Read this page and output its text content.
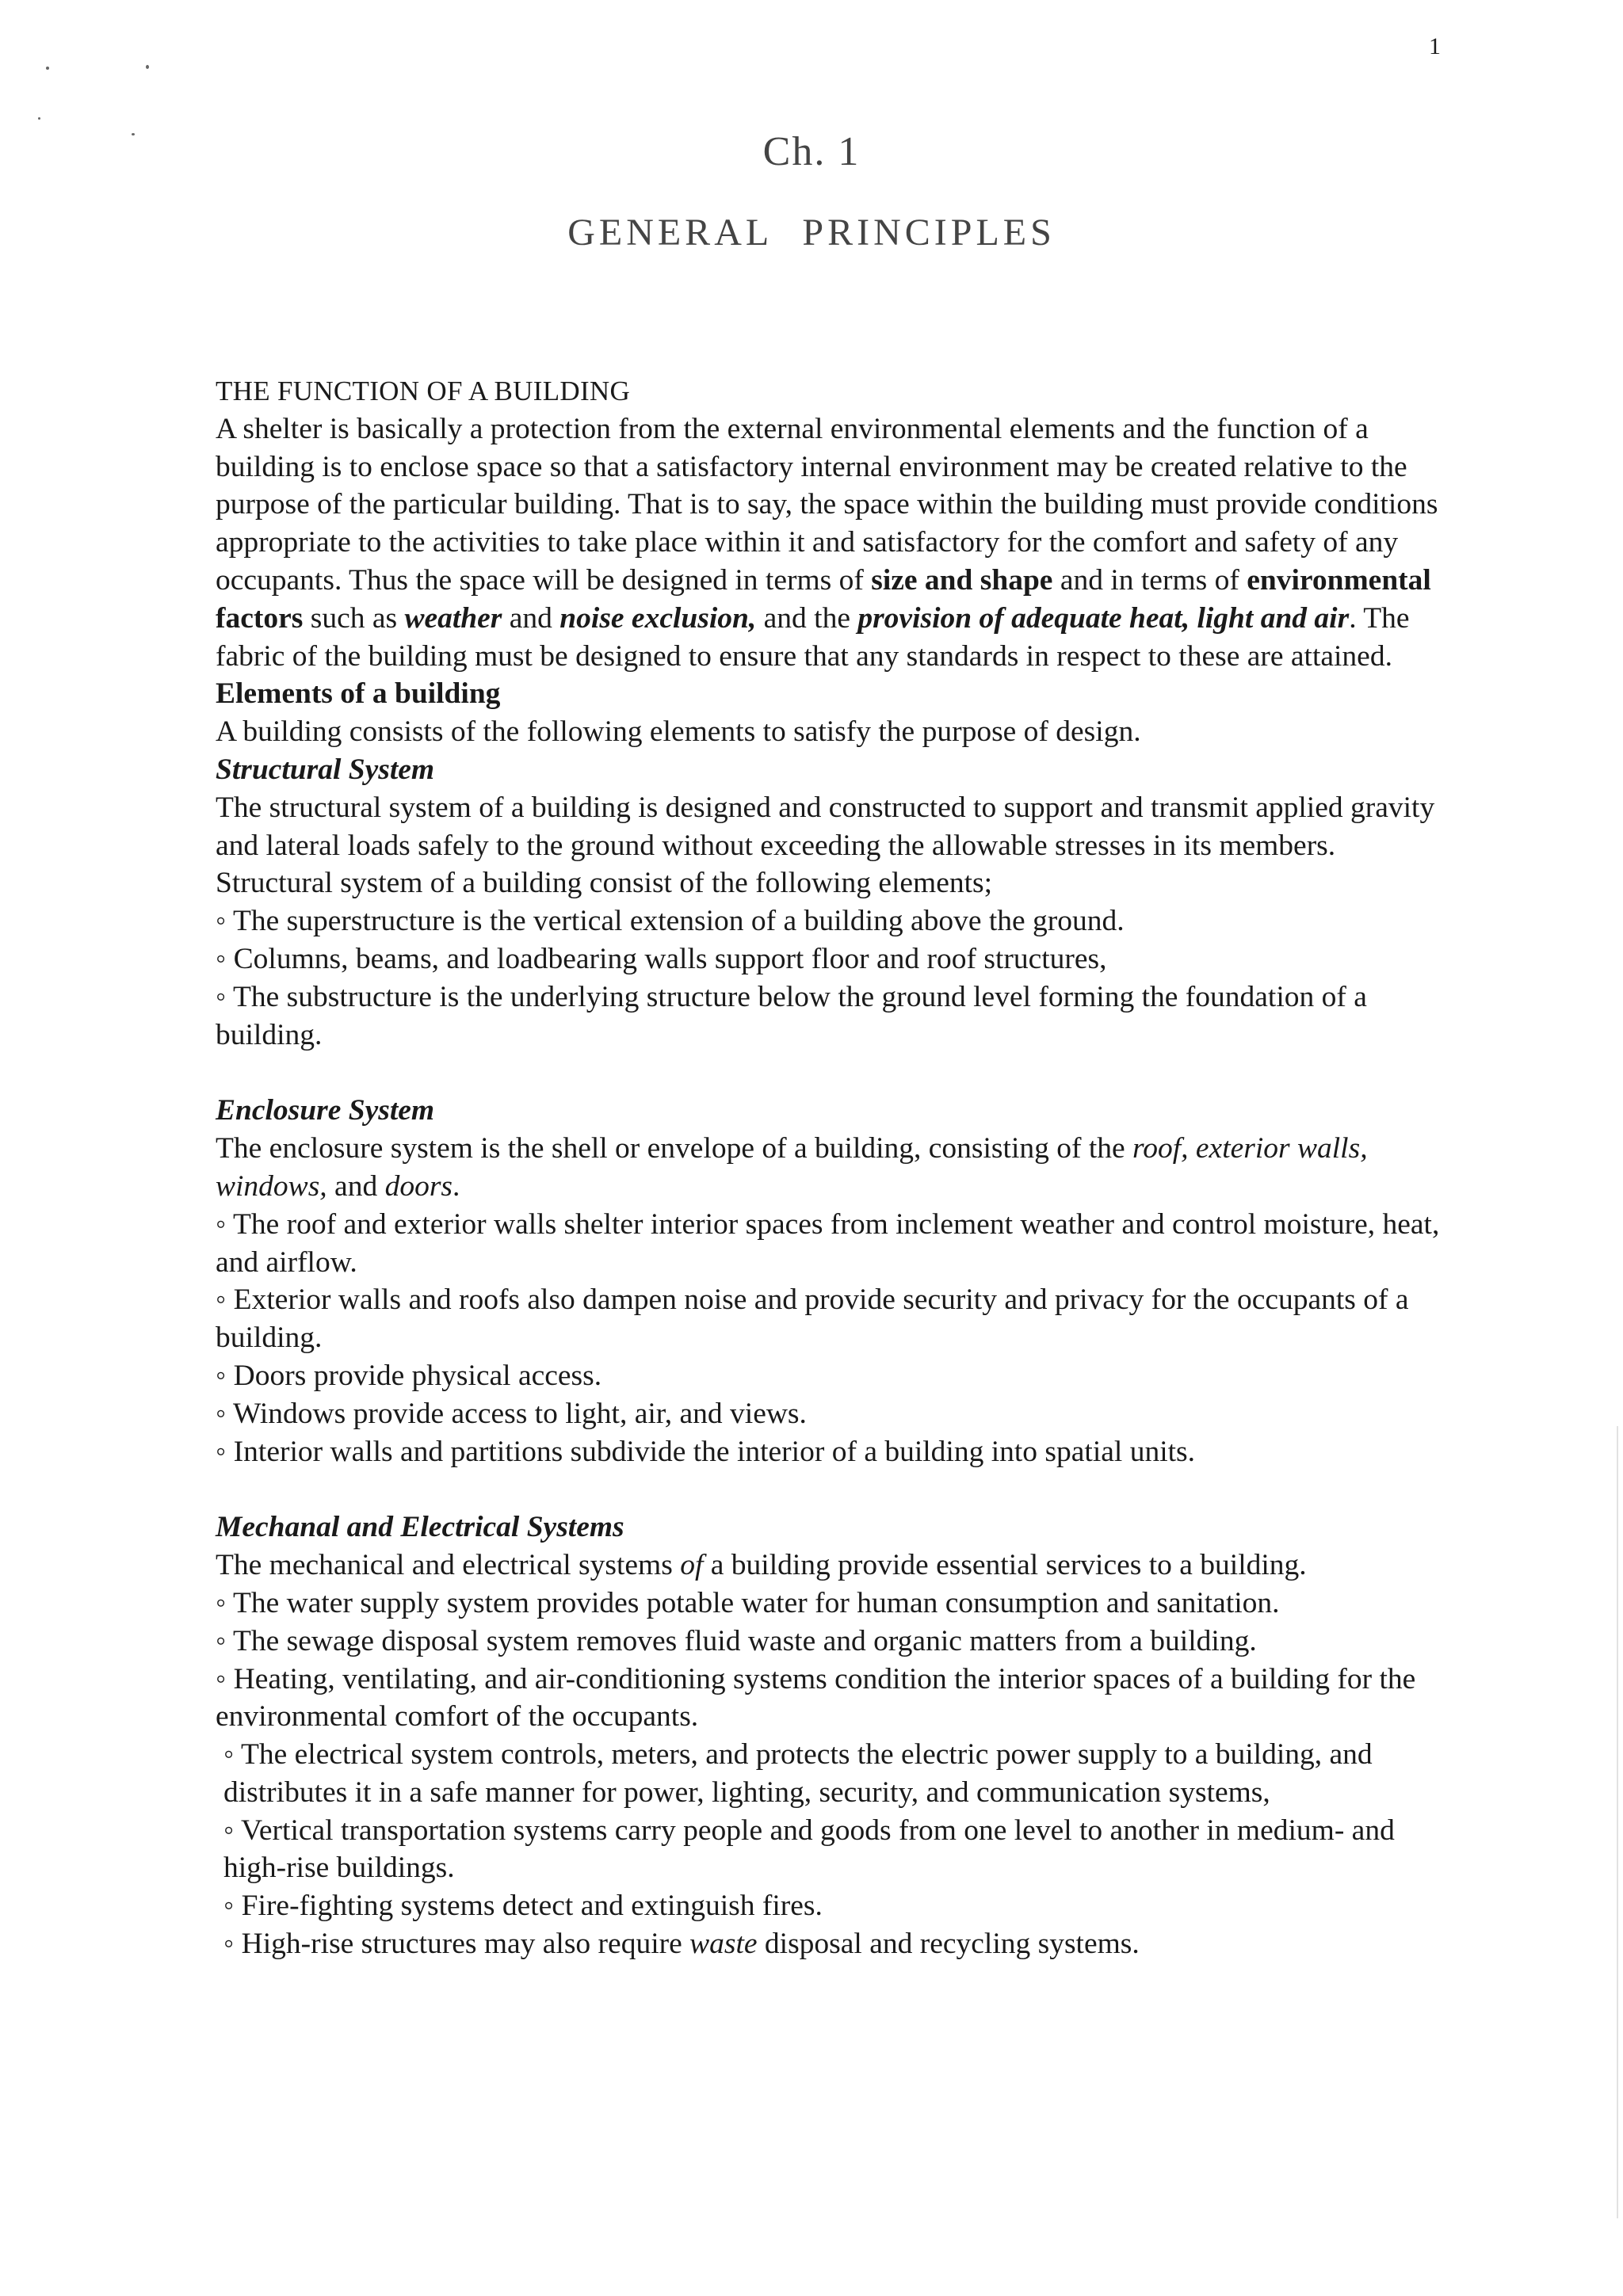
1
Ch. 1
GENERAL PRINCIPLES

THE FUNCTION OF A BUILDING

A shelter is basically a protection from the external environmental elements and the function of a building is to enclose space so that a satisfactory internal environment may be created relative to the purpose of the particular building. That is to say, the space within the building must provide conditions appropriate to the activities to take place within it and satisfactory for the comfort and safety of any occupants. Thus the space will be designed in terms of size and shape and in terms of environmental factors such as weather and noise exclusion, and the provision of adequate heat, light and air. The fabric of the building must be designed to ensure that any standards in respect to these are attained.

Elements of a building

A building consists of the following elements to satisfy the purpose of design.

Structural System

The structural system of a building is designed and constructed to support and transmit applied gravity and lateral loads safely to the ground without exceeding the allowable stresses in its members. Structural system of a building consist of the following elements;

◦ The superstructure is the vertical extension of a building above the ground.

◦ Columns, beams, and loadbearing walls support floor and roof structures,

◦ The substructure is the underlying structure below the ground level forming the foundation of a building.

Enclosure System

The enclosure system is the shell or envelope of a building, consisting of the roof, exterior walls, windows, and doors.

◦ The roof and exterior walls shelter interior spaces from inclement weather and control moisture, heat, and airflow.

◦ Exterior walls and roofs also dampen noise and provide security and privacy for the occupants of a building.

◦ Doors provide physical access.

◦ Windows provide access to light, air, and views.

◦ Interior walls and partitions subdivide the interior of a building into spatial units.

Mechanal and Electrical Systems

The mechanical and electrical systems of a building provide essential services to a building.

◦ The water supply system provides potable water for human consumption and sanitation.

◦ The sewage disposal system removes fluid waste and organic matters from a building.

◦ Heating, ventilating, and air-conditioning systems condition the interior spaces of a building for the environmental comfort of the occupants.

◦ The electrical system controls, meters, and protects the electric power supply to a building, and distributes it in a safe manner for power, lighting, security, and communication systems,

◦ Vertical transportation systems carry people and goods from one level to another in medium- and high-rise buildings.

◦ Fire-fighting systems detect and extinguish fires.

◦ High-rise structures may also require waste disposal and recycling systems.
